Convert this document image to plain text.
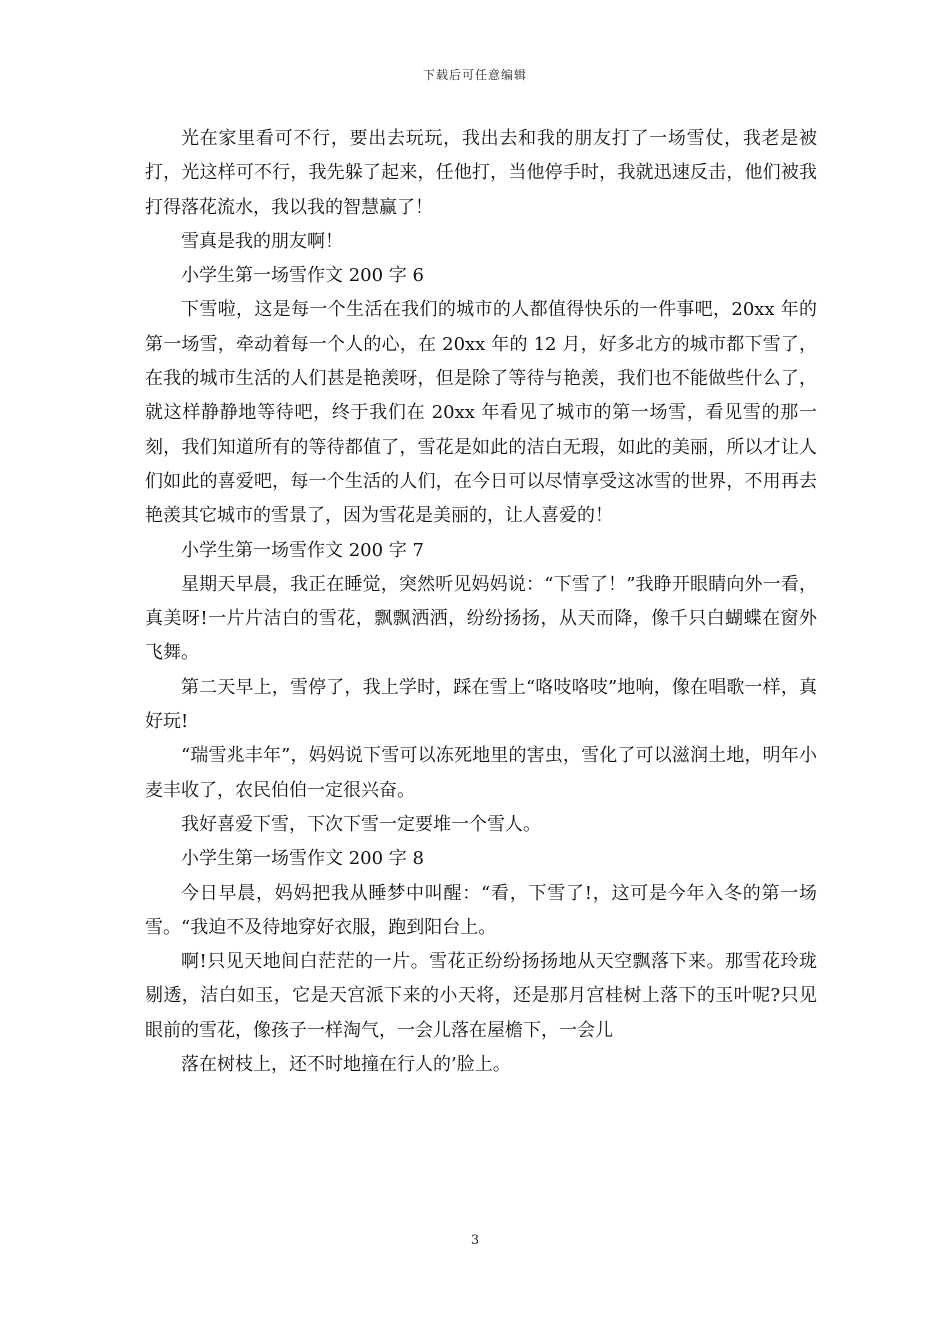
下载后可任意编辑

光在家里看可不行，要出去玩玩，我出去和我的朋友打了一场雪仗，我老是被打，光这样可不行，我先躲了起来，任他打，当他停手时，我就迅速反击，他们被我打得落花流水，我以我的智慧赢了！

雪真是我的朋友啊！

小学生第一场雪作文 200 字 6

下雪啦，这是每一个生活在我们的城市的人都值得快乐的一件事吧，20xx 年的第一场雪，牵动着每一个人的心，在 20xx 年的 12 月，好多北方的城市都下雪了，在我的城市生活的人们甚是艳羡呀，但是除了等待与艳羡，我们也不能做些什么了，就这样静静地等待吧，终于我们在 20xx 年看见了城市的第一场雪，看见雪的那一刻，我们知道所有的等待都值了，雪花是如此的洁白无瑕，如此的美丽，所以才让人们如此的喜爱吧，每一个生活的人们，在今日可以尽情享受这冰雪的世界，不用再去艳羡其它城市的雪景了，因为雪花是美丽的，让人喜爱的！

小学生第一场雪作文 200 字 7

星期天早晨，我正在睡觉，突然听见妈妈说：“下雪了！”我睁开眼睛向外一看，真美呀!一片片洁白的雪花，飘飘洒洒，纷纷扬扬，从天而降，像千只白蝴蝶在窗外飞舞。

第二天早上，雪停了，我上学时，踩在雪上“咯吱咯吱”地响，像在唱歌一样，真好玩!

“瑞雪兆丰年”，妈妈说下雪可以冻死地里的害虫，雪化了可以滋润土地，明年小麦丰收了，农民伯伯一定很兴奋。

我好喜爱下雪，下次下雪一定要堆一个雪人。

小学生第一场雪作文 200 字 8

今日早晨，妈妈把我从睡梦中叫醒：“看，下雪了!，这可是今年入冬的第一场雪。“我迫不及待地穿好衣服，跑到阳台上。

啊!只见天地间白茫茫的一片。雪花正纷纷扬扬地从天空飘落下来。那雪花玲珑剔透，洁白如玉，它是天宫派下来的小天将，还是那月宫桂树上落下的玉叶呢?只见眼前的雪花，像孩子一样淘气，一会儿落在屋檐下，一会儿

落在树枝上，还不时地撞在行人的’脸上。

3
